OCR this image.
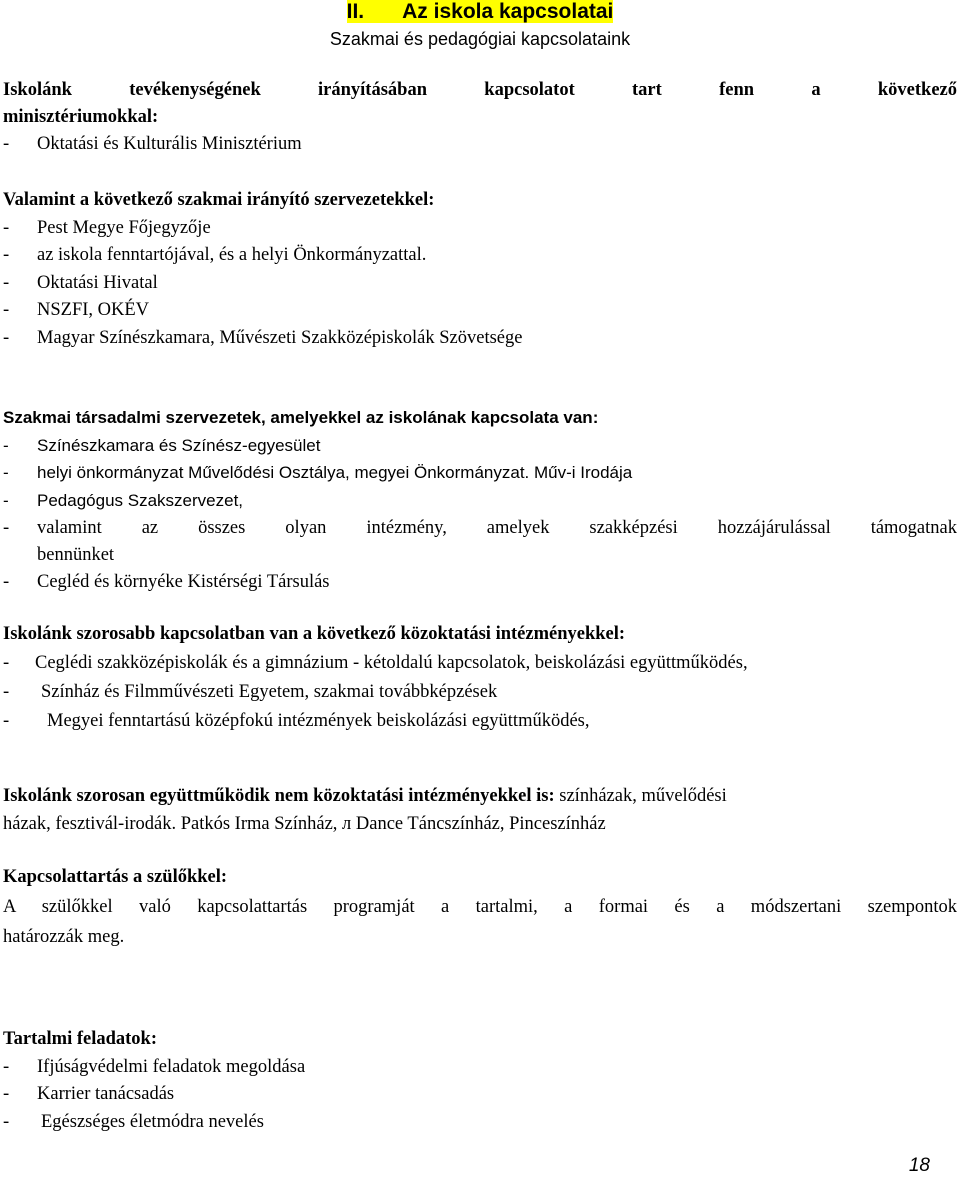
II. Az iskola kapcsolatai
Szakmai és pedagógiai kapcsolataink
Iskolánk tevékenységének irányításában kapcsolatot tart fenn a következő
minisztériumokkal:
-	Oktatási és Kulturális Minisztérium
Valamint a következő szakmai irányító szervezetekkel:
-	Pest Megye Főjegyzője
-	az iskola fenntartójával, és a helyi Önkormányzattal.
-	Oktatási Hivatal
-	NSZFI, OKÉV
-	Magyar Színészkamara, Művészeti Szakközépiskolák Szövetsége
Szakmai társadalmi szervezetek, amelyekkel az iskolának kapcsolata van:
-	Színészkamara és Színész-egyesület
-	helyi önkormányzat Művelődési Osztálya, megyei Önkormányzat. Műv-i Irodája
-	Pedagógus Szakszervezet,
-	valamint az összes olyan intézmény, amelyek szakképzési hozzájárulással támogatnak
bennünket
-	Cegléd és környéke Kistérségi Társulás
Iskolánk szorosabb kapcsolatban van a következő közoktatási intézményekkel:
-	Ceglédi szakközépiskolák és a gimnázium - kétoldalú kapcsolatok, beiskolázási együttműködés,
-	Színház és Filmművészeti Egyetem, szakmai továbbképzések
-	Megyei fenntartású középfokú intézmények beiskolázási együttműködés,
Iskolánk szorosan együttműködik nem közoktatási intézményekkel is: színházak, művelődési
házak, fesztivál-irodák. Patkós Irma Színház, л Dance Táncszínház, Pinceszínház
Kapcsolattartás a szülőkkel:
A szülőkkel való kapcsolattartás programját a tartalmi, a formai és a módszertani szempontok
határozzák meg.
Tartalmi feladatok:
-	Ifjúságvédelmi feladatok megoldása
-	Karrier tanácsadás
-	Egészséges életmódra nevelés
18
